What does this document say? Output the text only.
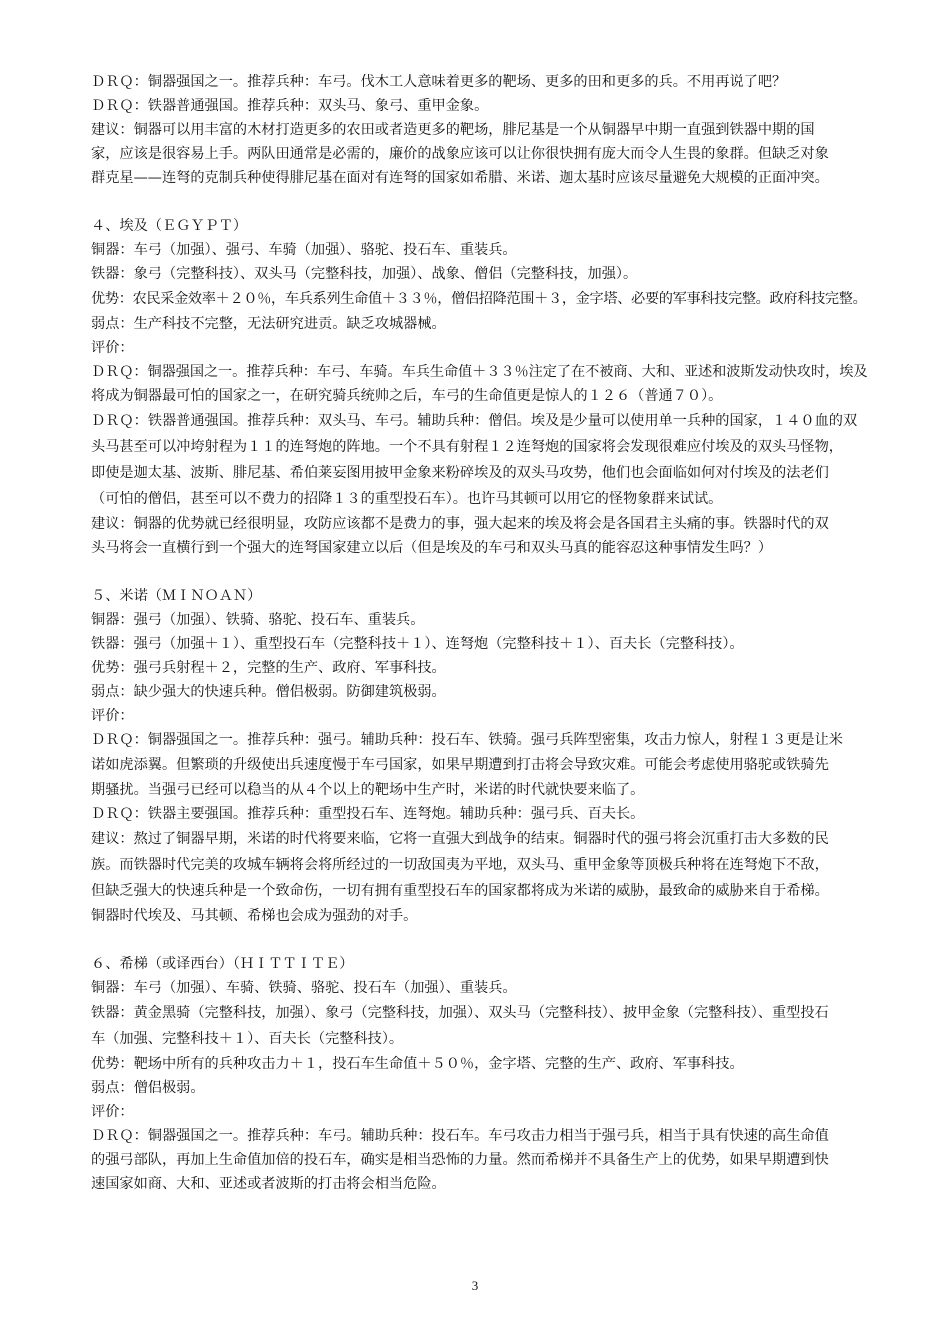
ＤＲＱ：铜器强国之一。推荐兵种：车弓。伐木工人意味着更多的靶场、更多的田和更多的兵。不用再说了吧？

ＤＲＱ：铁器普通强国。推荐兵种：双头马、象弓、重甲金象。

建议：铜器可以用丰富的木材打造更多的农田或者造更多的靶场，腓尼基是一个从铜器早中期一直强到铁器中期的国

家，应该是很容易上手。两队田通常是必需的，廉价的战象应该可以让你很快拥有庞大而令人生畏的象群。但缺乏对象

群克星——连弩的克制兵种使得腓尼基在面对有连弩的国家如希腊、米诺、迦太基时应该尽量避免大规模的正面冲突。

４、埃及（ＥＧＹＰＴ）

铜器：车弓（加强）、强弓、车骑（加强）、骆驼、投石车、重装兵。

铁器：象弓（完整科技）、双头马（完整科技，加强）、战象、僧侣（完整科技，加强）。

优势：农民采金效率＋２０％，车兵系列生命值＋３３％，僧侣招降范围＋３，金字塔、必要的军事科技完整。政府科技完整。

弱点：生产科技不完整，无法研究进贡。缺乏攻城器械。

评价：

ＤＲＱ：铜器强国之一。推荐兵种：车弓、车骑。车兵生命值＋３３％注定了在不被商、大和、亚述和波斯发动快攻时，埃及

将成为铜器最可怕的国家之一，在研究骑兵统帅之后，车弓的生命值更是惊人的１２６（普通７０）。

ＤＲＱ：铁器普通强国。推荐兵种：双头马、车弓。辅助兵种：僧侣。埃及是少量可以使用单一兵种的国家，１４０血的双

头马甚至可以冲垮射程为１１的连弩炮的阵地。一个不具有射程１２连弩炮的国家将会发现很难应付埃及的双头马怪物，

即使是迦太基、波斯、腓尼基、希伯莱妄图用披甲金象来粉碎埃及的双头马攻势，他们也会面临如何对付埃及的法老们

（可怕的僧侣，甚至可以不费力的招降１３的重型投石车）。也许马其顿可以用它的怪物象群来试试。

建议：铜器的优势就已经很明显，攻防应该都不是费力的事，强大起来的埃及将会是各国君主头痛的事。铁器时代的双

头马将会一直横行到一个强大的连弩国家建立以后（但是埃及的车弓和双头马真的能容忍这种事情发生吗？）

５、米诺（ＭＩＮＯＡＮ）

铜器：强弓（加强）、铁骑、骆驼、投石车、重装兵。

铁器：强弓（加强＋１）、重型投石车（完整科技＋１）、连弩炮（完整科技＋１）、百夫长（完整科技）。

优势：强弓兵射程＋２，完整的生产、政府、军事科技。

弱点：缺少强大的快速兵种。僧侣极弱。防御建筑极弱。

评价：

ＤＲＱ：铜器强国之一。推荐兵种：强弓。辅助兵种：投石车、铁骑。强弓兵阵型密集，攻击力惊人，射程１３更是让米

诺如虎添翼。但繁琐的升级使出兵速度慢于车弓国家，如果早期遭到打击将会导致灾难。可能会考虑使用骆驼或铁骑先

期骚扰。当强弓已经可以稳当的从４个以上的靶场中生产时，米诺的时代就快要来临了。

ＤＲＱ：铁器主要强国。推荐兵种：重型投石车、连弩炮。辅助兵种：强弓兵、百夫长。

建议：熬过了铜器早期，米诺的时代将要来临，它将一直强大到战争的结束。铜器时代的强弓将会沉重打击大多数的民

族。而铁器时代完美的攻城车辆将会将所经过的一切敌国夷为平地，双头马、重甲金象等顶极兵种将在连弩炮下不敌，

但缺乏强大的快速兵种是一个致命伤，一切有拥有重型投石车的国家都将成为米诺的威胁，最致命的威胁来自于希梯。

铜器时代埃及、马其顿、希梯也会成为强劲的对手。

６、希梯（或译西台）（ＨＩＴＴＩＴＥ）

铜器：车弓（加强）、车骑、铁骑、骆驼、投石车（加强）、重装兵。

铁器：黄金黑骑（完整科技，加强）、象弓（完整科技，加强）、双头马（完整科技）、披甲金象（完整科技）、重型投石

车（加强、完整科技＋１）、百夫长（完整科技）。

优势：靶场中所有的兵种攻击力＋１，投石车生命值＋５０％，金字塔、完整的生产、政府、军事科技。

弱点：僧侣极弱。

评价：

ＤＲＱ：铜器强国之一。推荐兵种：车弓。辅助兵种：投石车。车弓攻击力相当于强弓兵，相当于具有快速的高生命值

的强弓部队，再加上生命值加倍的投石车，确实是相当恐怖的力量。然而希梯并不具备生产上的优势，如果早期遭到快

速国家如商、大和、亚述或者波斯的打击将会相当危险。

3
